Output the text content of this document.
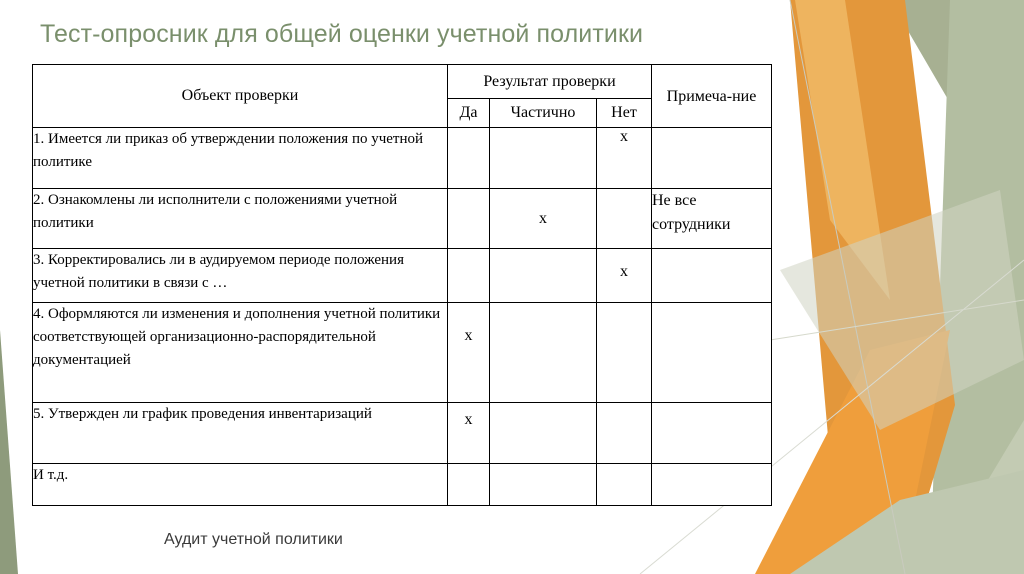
Тест-опросник для общей оценки учетной политики
Объект проверки	Результат проверки			Примеча-ние
	Да	Частично	Нет	
1. Имеется ли приказ об утверждении положения по учетной политике			х	
2. Ознакомлены ли исполнители с положениями учетной политики		х		Не все сотрудники
3. Корректировались ли в аудируемом периоде положения учетной политики в связи с …			х	
4. Оформляются ли изменения и дополнения учетной политики соответствующей организационно-распорядительной документацией	х			
5. Утвержден ли график проведения инвентаризаций	х			
И т.д.				
Аудит учетной политики
